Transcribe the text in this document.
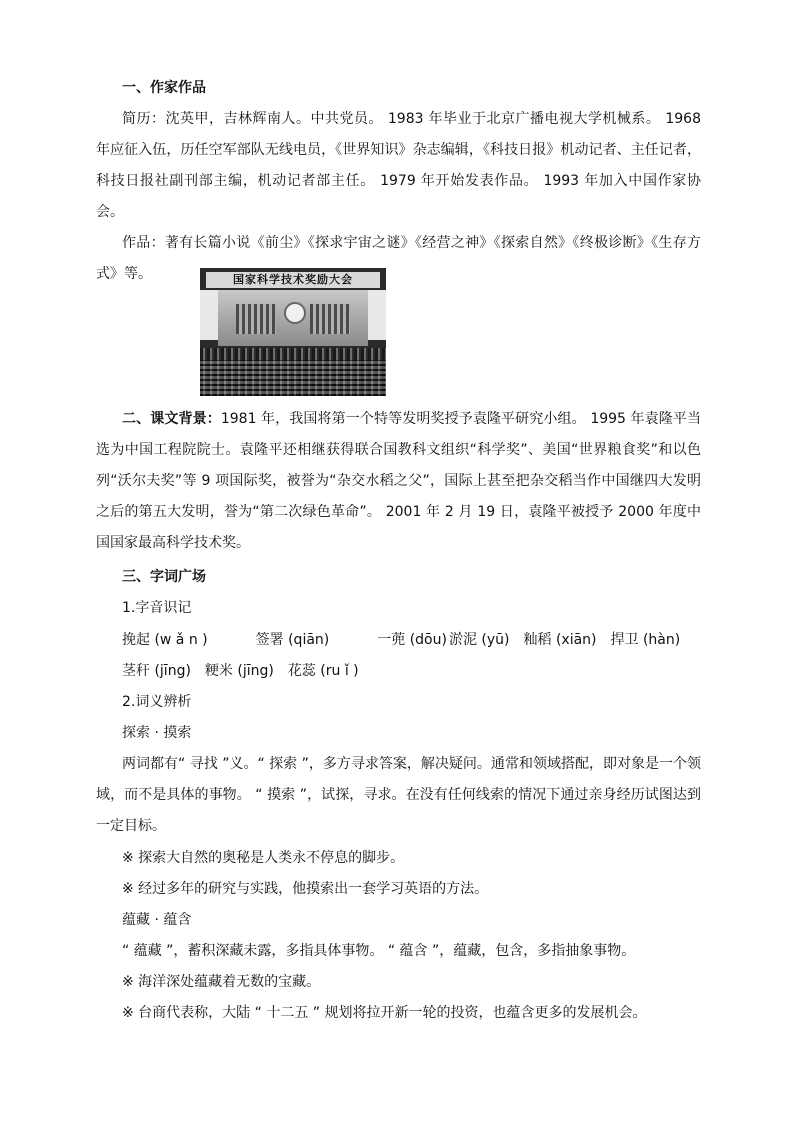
一、作家作品

简历：沈英甲，吉林辉南人。中共党员。 1983 年毕业于北京广播电视大学机械系。 1968 年应征入伍，历任空军部队无线电员，《世界知识》杂志编辑，《科技日报》机动记者、主任记者，科技日报社副刊部主编，机动记者部主任。 1979 年开始发表作品。 1993 年加入中国作家协会。

作品：著有长篇小说《前尘》《探求宇宙之谜》《经营之神》《探索自然》《终极诊断》《生存方式》等。	国家科学技术奖励大会

二、课文背景：1981 年，我国将第一个特等发明奖授予袁隆平研究小组。 1995 年袁隆平当选为中国工程院院士。袁隆平还相继获得联合国教科文组织“科学奖”、美国“世界粮食奖”和以色列“沃尔夫奖”等 9 项国际奖，被誉为“杂交水稻之父”，国际上甚至把杂交稻当作中国继四大发明之后的第五大发明，誉为“第二次绿色革命”。 2001 年 2 月 19 日，袁隆平被授予 2000 年度中国国家最高科学技术奖。

三、字词广场

1.字音识记

挽起 (w ǎ n )	签署 (qiān)	一蔸 (dōu) 淤泥 (yū) 籼稻 (xiān) 捍卫 (hàn)

茎秆 (jīng) 粳米 (jīng) 花蕊 (ru ǐ )

2.词义辨析

探索 · 摸索

两词都有“ 寻找 ”义。“ 探索 ”，多方寻求答案，解决疑问。通常和领域搭配，即对象是一个领域，而不是具体的事物。 “ 摸索 ”，试探，寻求。在没有任何线索的情况下通过亲身经历试图达到一定目标。

※ 探索大自然的奥秘是人类永不停息的脚步。

※ 经过多年的研究与实践，他摸索出一套学习英语的方法。

蕴藏 · 蕴含

“ 蕴藏 ”，蓄积深藏未露，多指具体事物。 “ 蕴含 ”，蕴藏，包含，多指抽象事物。

※ 海洋深处蕴藏着无数的宝藏。

※ 台商代表称，大陆 “ 十二五 ” 规划将拉开新一轮的投资，也蕴含更多的发展机会。
